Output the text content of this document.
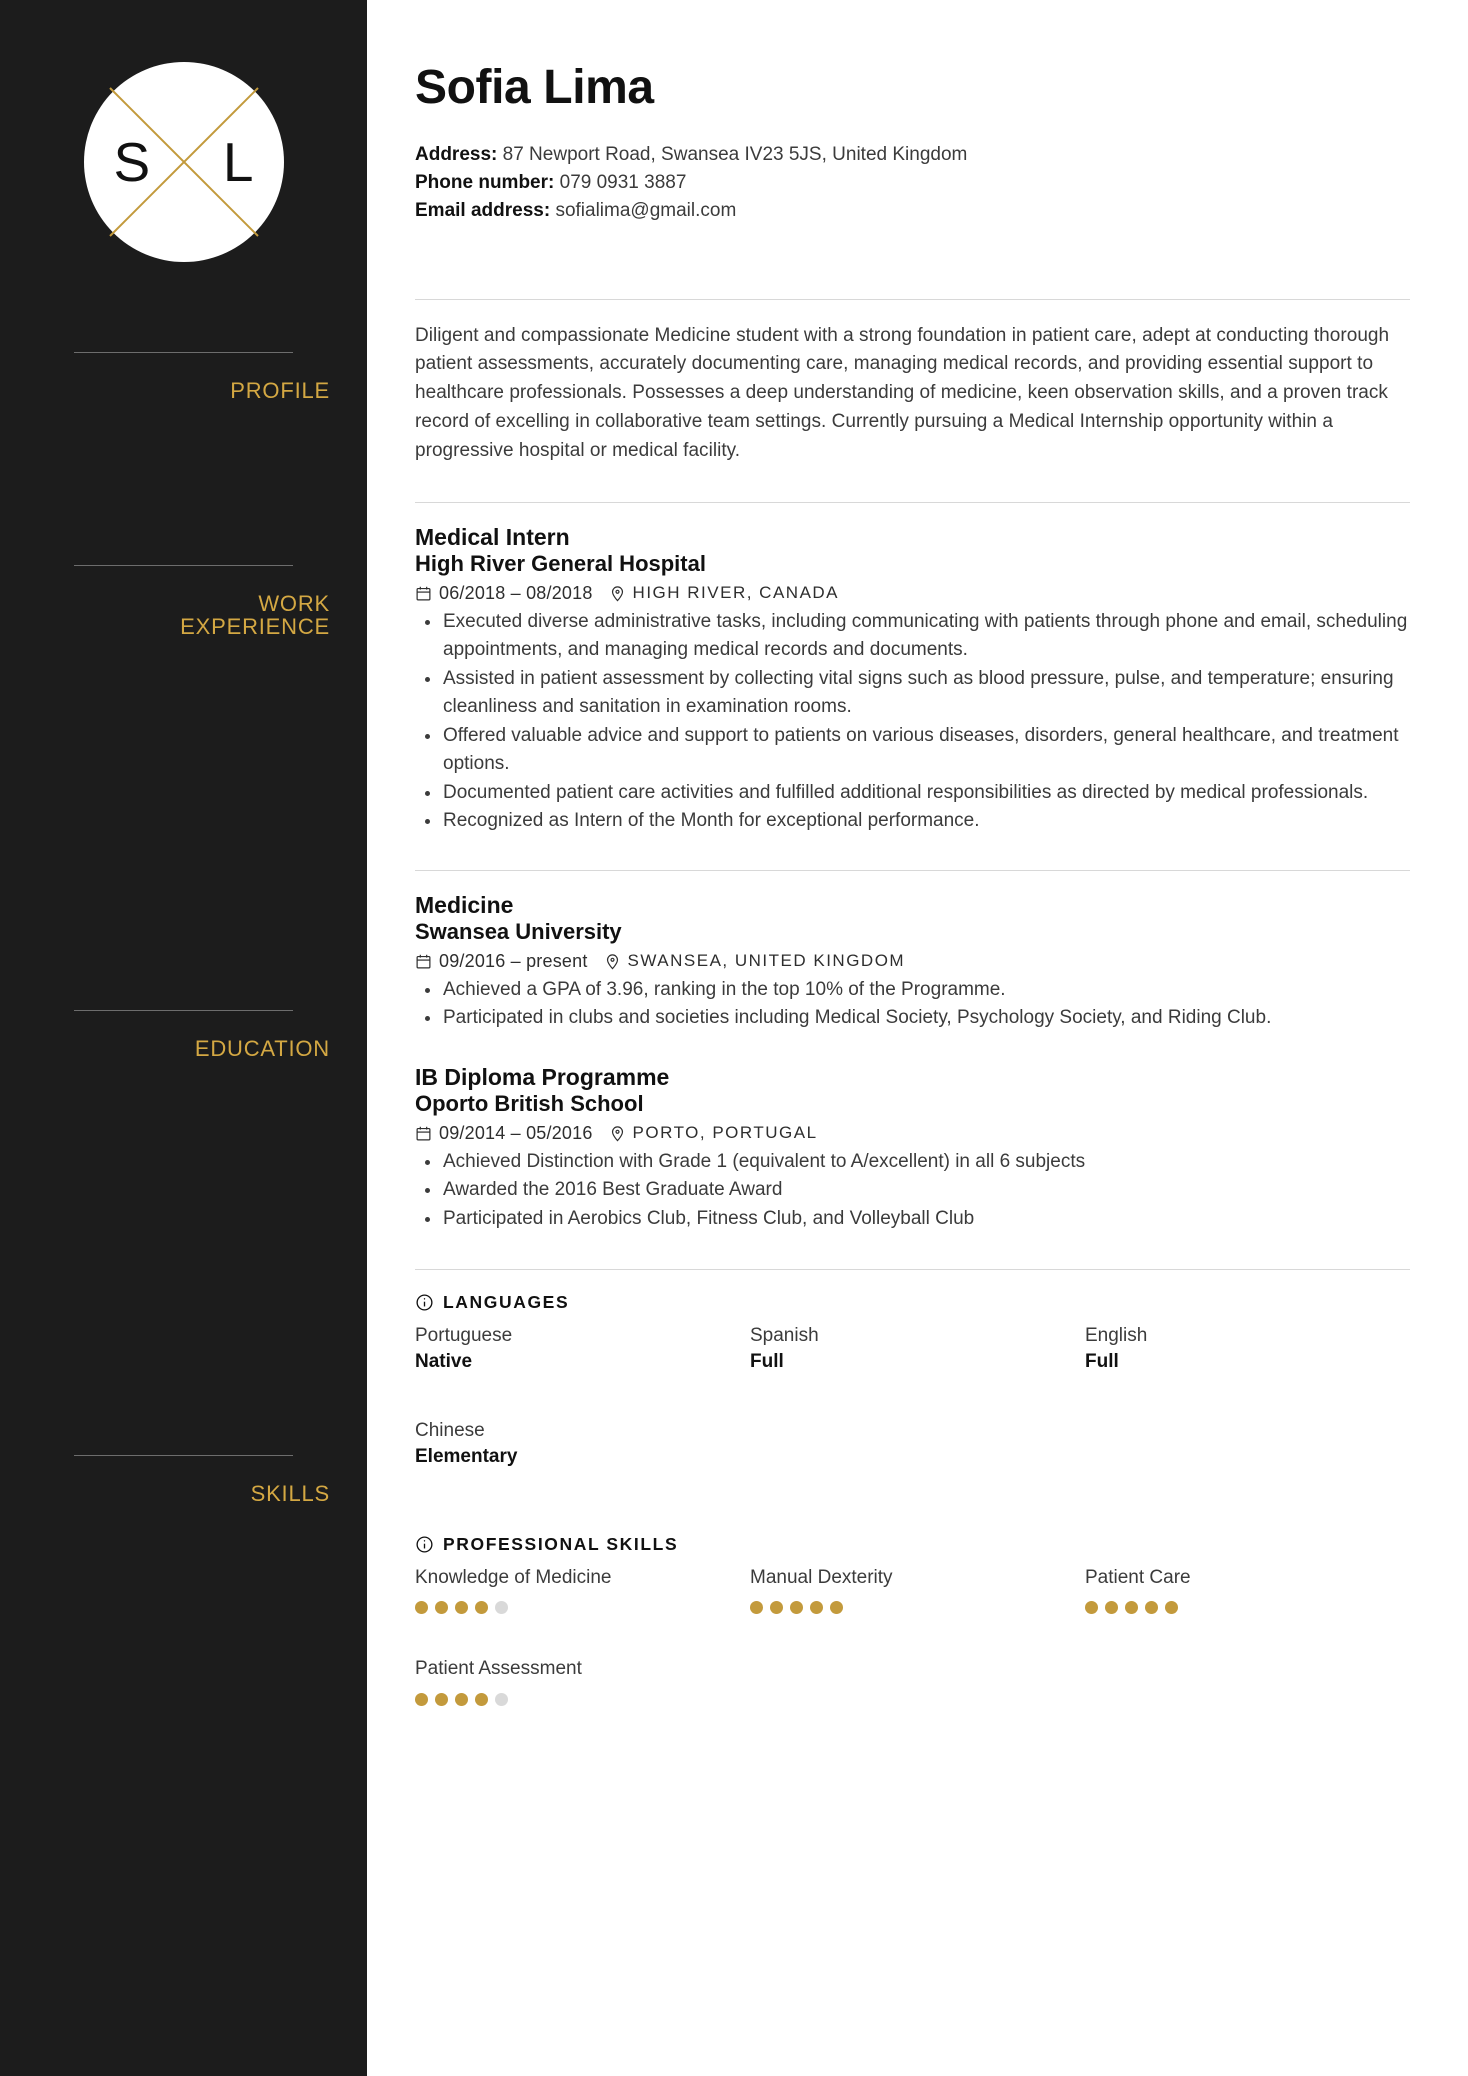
S L
PROFILE
WORK
EXPERIENCE
EDUCATION
SKILLS
Sofia Lima
Address: 87 Newport Road, Swansea IV23 5JS, United Kingdom
Phone number: 079 0931 3887
Email address: sofialima@gmail.com

Diligent and compassionate Medicine student with a strong foundation in patient care, adept at conducting thorough patient assessments, accurately documenting care, managing medical records, and providing essential support to healthcare professionals. Possesses a deep understanding of medicine, keen observation skills, and a proven track record of excelling in collaborative team settings. Currently pursuing a Medical Internship opportunity within a progressive hospital or medical facility.

Medical Intern
High River General Hospital
06/2018 – 08/2018 HIGH RIVER, CANADA
Executed diverse administrative tasks, including communicating with patients through phone and email, scheduling appointments, and managing medical records and documents.
Assisted in patient assessment by collecting vital signs such as blood pressure, pulse, and temperature; ensuring cleanliness and sanitation in examination rooms.
Offered valuable advice and support to patients on various diseases, disorders, general healthcare, and treatment options.
Documented patient care activities and fulfilled additional responsibilities as directed by medical professionals.
Recognized as Intern of the Month for exceptional performance.
Medicine
Swansea University
09/2016 – present SWANSEA, UNITED KINGDOM
Achieved a GPA of 3.96, ranking in the top 10% of the Programme.
Participated in clubs and societies including Medical Society, Psychology Society, and Riding Club.
IB Diploma Programme
Oporto British School
09/2014 – 05/2016 PORTO, PORTUGAL
Achieved Distinction with Grade 1 (equivalent to A/excellent) in all 6 subjects
Awarded the 2016 Best Graduate Award
Participated in Aerobics Club, Fitness Club, and Volleyball Club
LANGUAGES
Portuguese
Native
Spanish
Full
English
Full
Chinese
Elementary
PROFESSIONAL SKILLS
Knowledge of Medicine	Manual Dexterity	Patient Care
Patient Assessment
